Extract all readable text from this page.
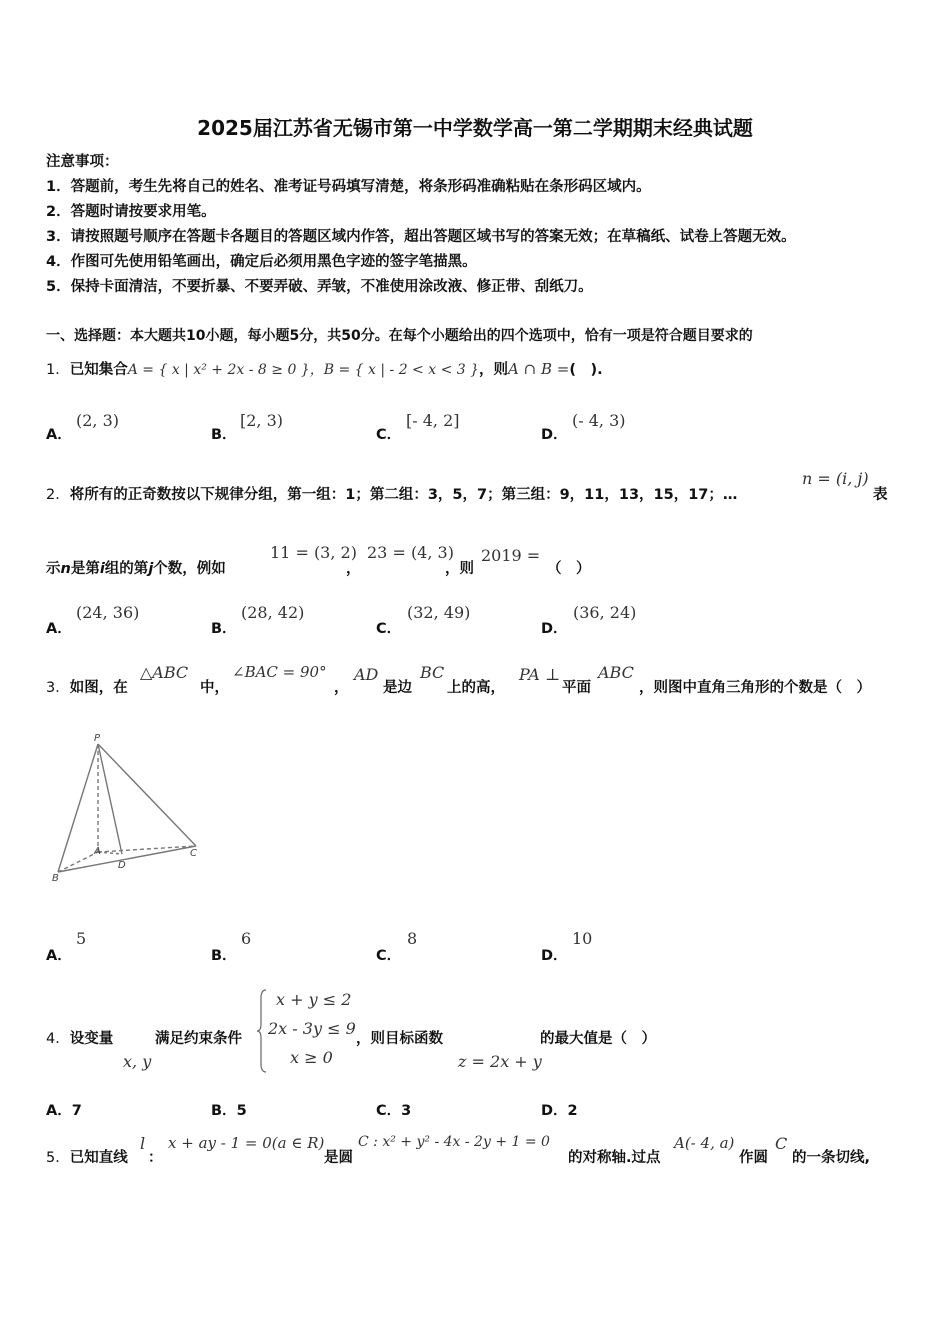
2025届江苏省无锡市第一中学数学高一第二学期期末经典试题
注意事项：
1．答题前，考生先将自己的姓名、准考证号码填写清楚，将条形码准确粘贴在条形码区域内。
2．答题时请按要求用笔。
3．请按照题号顺序在答题卡各题目的答题区域内作答，超出答题区域书写的答案无效；在草稿纸、试卷上答题无效。
4．作图可先使用铅笔画出，确定后必须用黑色字迹的签字笔描黑。
5．保持卡面清洁，不要折暴、不要弄破、弄皱，不准使用涂改液、修正带、刮纸刀。
一、选择题：本大题共10小题，每小题5分，共50分。在每个小题给出的四个选项中，恰有一项是符合题目要求的
1．已知集合A = { x | x² + 2x - 8 ≥ 0 }，B = { x | - 2 < x < 3 }，则A ∩ B =(　).
A．
(2, 3)
B．
[2, 3)
C．
[- 4, 2]
D．
(- 4, 3)
2．将所有的正奇数按以下规律分组，第一组：1；第二组：3，5，7；第三组：9，11，13，15，17；…
n = (i, j)
表
示n是第i组的第j个数，例如
11 = (3, 2)
，
23 = (4, 3)
，则
2019 =
（　）
A．
(24, 36)
B．
(28, 42)
C．
(32, 49)
D．
(36, 24)
3．如图，在
△ABC
中，
∠BAC = 90°
，
AD
是边
BC
上的高，
PA ⊥
平面
ABC
，则图中直角三角形的个数是（　）
P
A
B
C
D
A．
5
B．
6
C．
8
D．
10
4．设变量
x, y
满足约束条件
x + y ≤ 2
2x - 3y ≤ 9
x ≥ 0
，则目标函数
z = 2x + y
的最大值是（　）
A．7	B．5	C．3	D．2
5．已知直线
l
：
x + ay - 1 = 0(a ∈ R)
是圆
C : x² + y² - 4x - 2y + 1 = 0
的对称轴.过点
A(- 4, a)
作圆
C
的一条切线,
